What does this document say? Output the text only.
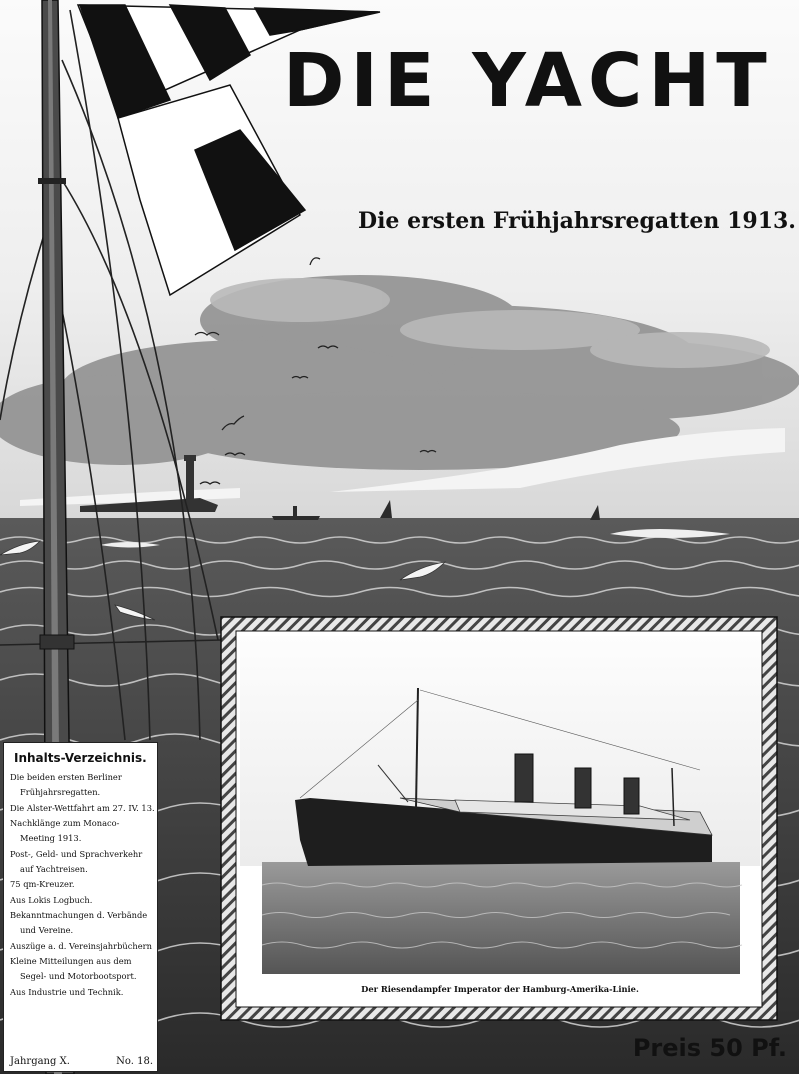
DIE YACHT
Die ersten Frühjahrsregatten 1913.
Inhalts-Verzeichnis.
Die beiden ersten Berliner
Frühjahrsregatten.
Die Alster-Wettfahrt am 27. IV. 13.
Nachklänge zum Monaco-
Meeting 1913.
Post-, Geld- und Sprachverkehr
auf Yachtreisen.
75 qm-Kreuzer.
Aus Lokis Logbuch.
Bekanntmachungen d. Verbände
und Vereine.
Auszüge a. d. Vereinsjahrbüchern
Kleine Mitteilungen aus dem
Segel- und Motorbootsport.
Aus Industrie und Technik.
Jahrgang X.	No. 18.
Der Riesendampfer Imperator der Hamburg-Amerika-Linie.
Preis 50 Pf.
